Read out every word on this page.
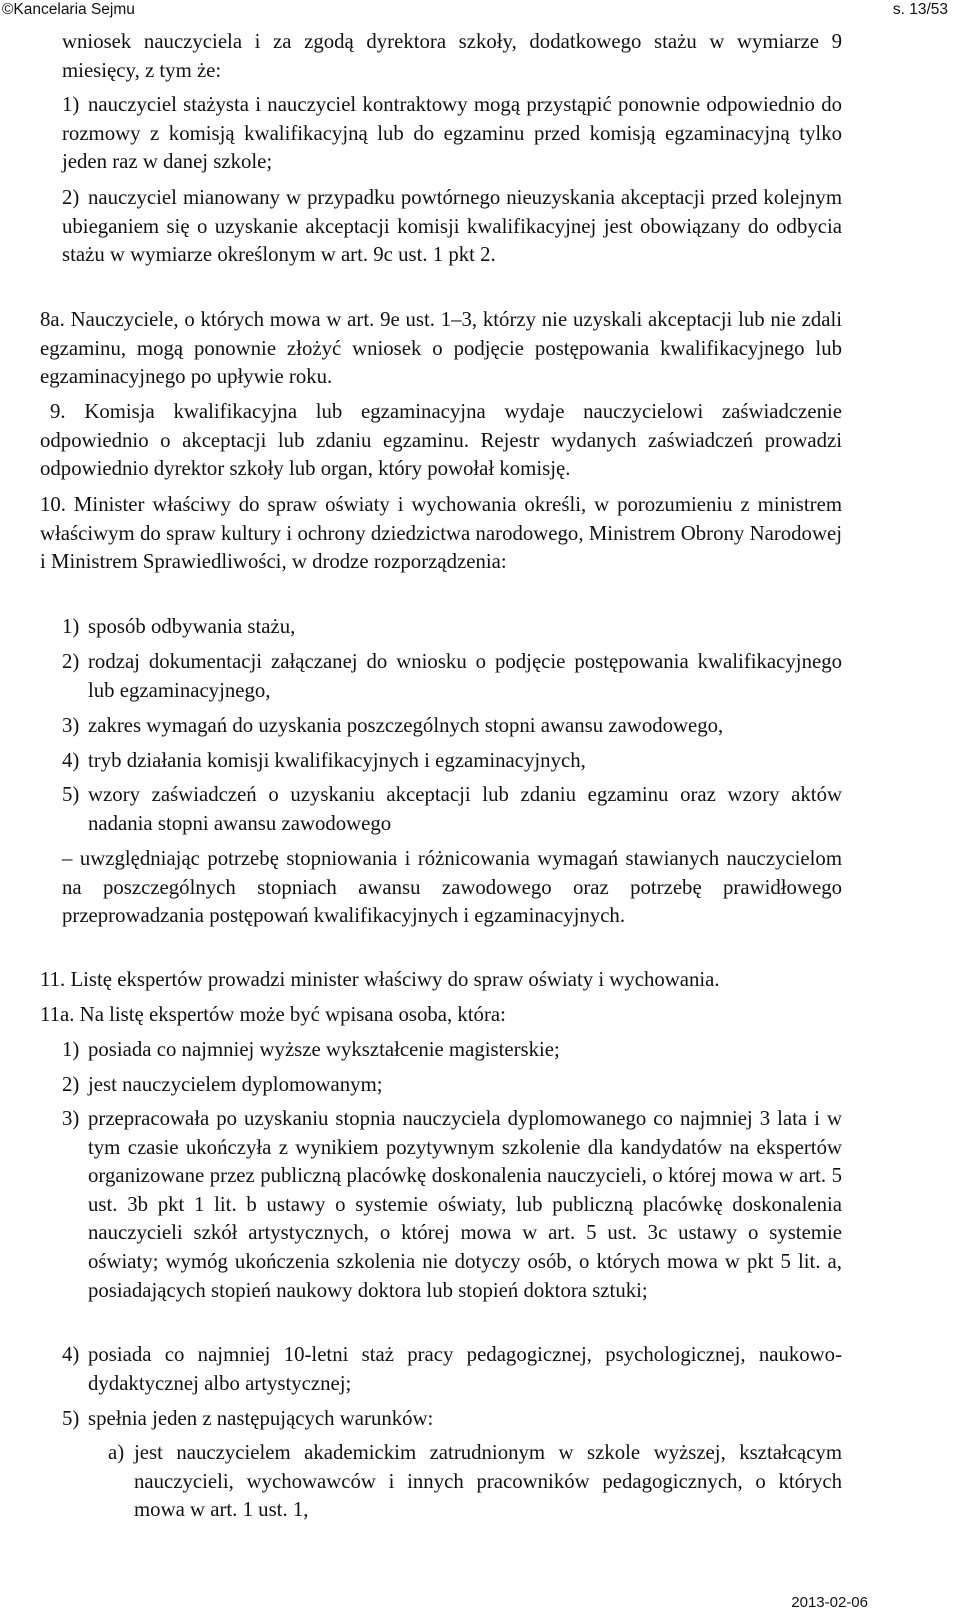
©Kancelaria Sejmu	s. 13/53

wniosek nauczyciela i za zgodą dyrektora szkoły, dodatkowego stażu w wymiarze 9 miesięcy, z tym że:

1) nauczyciel stażysta i nauczyciel kontraktowy mogą przystąpić ponownie odpowiednio do rozmowy z komisją kwalifikacyjną lub do egzaminu przed komisją egzaminacyjną tylko jeden raz w danej szkole;
2) nauczyciel mianowany w przypadku powtórnego nieuzyskania akceptacji przed kolejnym ubieganiem się o uzyskanie akceptacji komisji kwalifikacyjnej jest obowiązany do odbycia stażu w wymiarze określonym w art. 9c ust. 1 pkt 2.
8a. Nauczyciele, o których mowa w art. 9e ust. 1–3, którzy nie uzyskali akceptacji lub nie zdali egzaminu, mogą ponownie złożyć wniosek o podjęcie postępowania kwalifikacyjnego lub egzaminacyjnego po upływie roku.
9. Komisja kwalifikacyjna lub egzaminacyjna wydaje nauczycielowi zaświadczenie odpowiednio o akceptacji lub zdaniu egzaminu. Rejestr wydanych zaświadczeń prowadzi odpowiednio dyrektor szkoły lub organ, który powołał komisję.
10. Minister właściwy do spraw oświaty i wychowania określi, w porozumieniu z ministrem właściwym do spraw kultury i ochrony dziedzictwa narodowego, Ministrem Obrony Narodowej i Ministrem Sprawiedliwości, w drodze rozporządzenia:
1) sposób odbywania stażu,
2) rodzaj dokumentacji załączanej do wniosku o podjęcie postępowania kwalifikacyjnego lub egzaminacyjnego,
3) zakres wymagań do uzyskania poszczególnych stopni awansu zawodowego,
4) tryb działania komisji kwalifikacyjnych i egzaminacyjnych,
5) wzory zaświadczeń o uzyskaniu akceptacji lub zdaniu egzaminu oraz wzory aktów nadania stopni awansu zawodowego

– uwzględniając potrzebę stopniowania i różnicowania wymagań stawianych nauczycielom na poszczególnych stopniach awansu zawodowego oraz potrzebę prawidłowego przeprowadzania postępowań kwalifikacyjnych i egzaminacyjnych.

11. Listę ekspertów prowadzi minister właściwy do spraw oświaty i wychowania.
11a. Na listę ekspertów może być wpisana osoba, która:
1) posiada co najmniej wyższe wykształcenie magisterskie;
2) jest nauczycielem dyplomowanym;
3) przepracowała po uzyskaniu stopnia nauczyciela dyplomowanego co najmniej 3 lata i w tym czasie ukończyła z wynikiem pozytywnym szkolenie dla kandydatów na ekspertów organizowane przez publiczną placówkę doskonalenia nauczycieli, o której mowa w art. 5 ust. 3b pkt 1 lit. b ustawy o systemie oświaty, lub publiczną placówkę doskonalenia nauczycieli szkół artystycznych, o której mowa w art. 5 ust. 3c ustawy o systemie oświaty; wymóg ukończenia szkolenia nie dotyczy osób, o których mowa w pkt 5 lit. a, posiadających stopień naukowy doktora lub stopień doktora sztuki;
4) posiada co najmniej 10-letni staż pracy pedagogicznej, psychologicznej, naukowo-dydaktycznej albo artystycznej;
5) spełnia jeden z następujących warunków:
a) jest nauczycielem akademickim zatrudnionym w szkole wyższej, kształcącym nauczycieli, wychowawców i innych pracowników pedagogicznych, o których mowa w art. 1 ust. 1,
2013-02-06
